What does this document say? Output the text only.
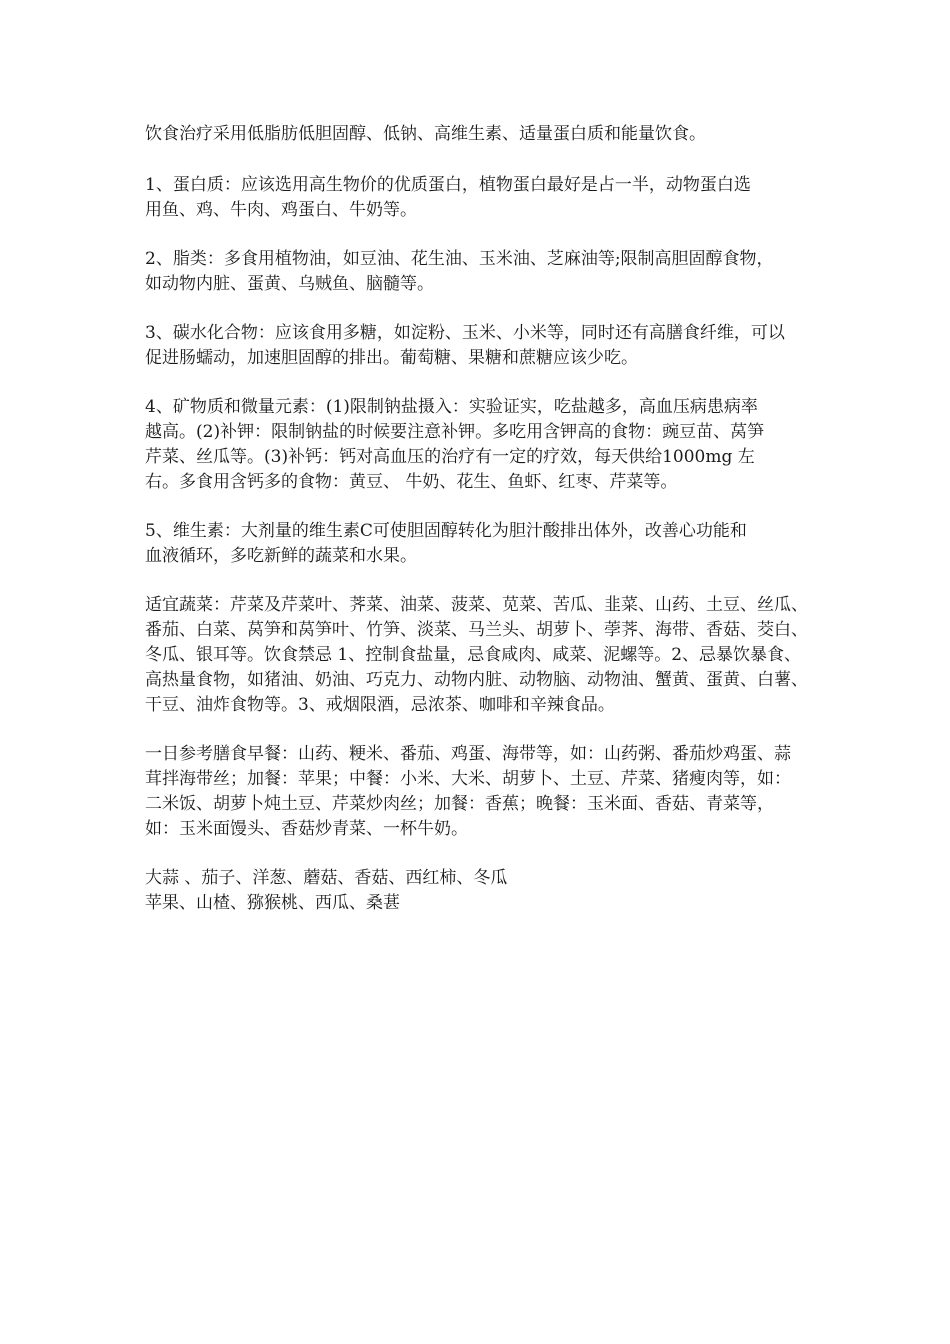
饮食治疗采用低脂肪低胆固醇、低钠、高维生素、适量蛋白质和能量饮食。

1、蛋白质：应该选用高生物价的优质蛋白，植物蛋白最好是占一半，动物蛋白选
用鱼、鸡、牛肉、鸡蛋白、牛奶等。

2、脂类：多食用植物油，如豆油、花生油、玉米油、芝麻油等;限制高胆固醇食物，
如动物内脏、蛋黄、乌贼鱼、脑髓等。

3、碳水化合物：应该食用多糖，如淀粉、玉米、小米等，同时还有高膳食纤维，可以
促进肠蠕动，加速胆固醇的排出。葡萄糖、果糖和蔗糖应该少吃。

4、矿物质和微量元素：(1)限制钠盐摄入：实验证实，吃盐越多，高血压病患病率
越高。(2)补钾：限制钠盐的时候要注意补钾。多吃用含钾高的食物：豌豆苗、莴笋
芹菜、丝瓜等。(3)补钙：钙对高血压的治疗有一定的疗效，每天供给1000mg 左
右。多食用含钙多的食物：黄豆、 牛奶、花生、鱼虾、红枣、芹菜等。

5、维生素：大剂量的维生素C可使胆固醇转化为胆汁酸排出体外，改善心功能和
血液循环，多吃新鲜的蔬菜和水果。

适宜蔬菜：芹菜及芹菜叶、荠菜、油菜、菠菜、苋菜、苦瓜、韭菜、山药、土豆、丝瓜、
番茄、白菜、莴笋和莴笋叶、竹笋、淡菜、马兰头、胡萝卜、荸荠、海带、香菇、茭白、
冬瓜、银耳等。饮食禁忌 1、控制食盐量，忌食咸肉、咸菜、泥螺等。2、忌暴饮暴食、
高热量食物，如猪油、奶油、巧克力、动物内脏、动物脑、动物油、蟹黄、蛋黄、白薯、
干豆、油炸食物等。3、戒烟限酒，忌浓茶、咖啡和辛辣食品。

一日参考膳食早餐：山药、粳米、番茄、鸡蛋、海带等，如：山药粥、番茄炒鸡蛋、蒜
茸拌海带丝；加餐：苹果；中餐：小米、大米、胡萝卜、土豆、芹菜、猪瘦肉等，如：
二米饭、胡萝卜炖土豆、芹菜炒肉丝；加餐：香蕉；晚餐：玉米面、香菇、青菜等，
如：玉米面馒头、香菇炒青菜、一杯牛奶。

大蒜 、茄子、洋葱、蘑菇、香菇、西红柿、冬瓜
苹果、山楂、猕猴桃、西瓜、桑葚
